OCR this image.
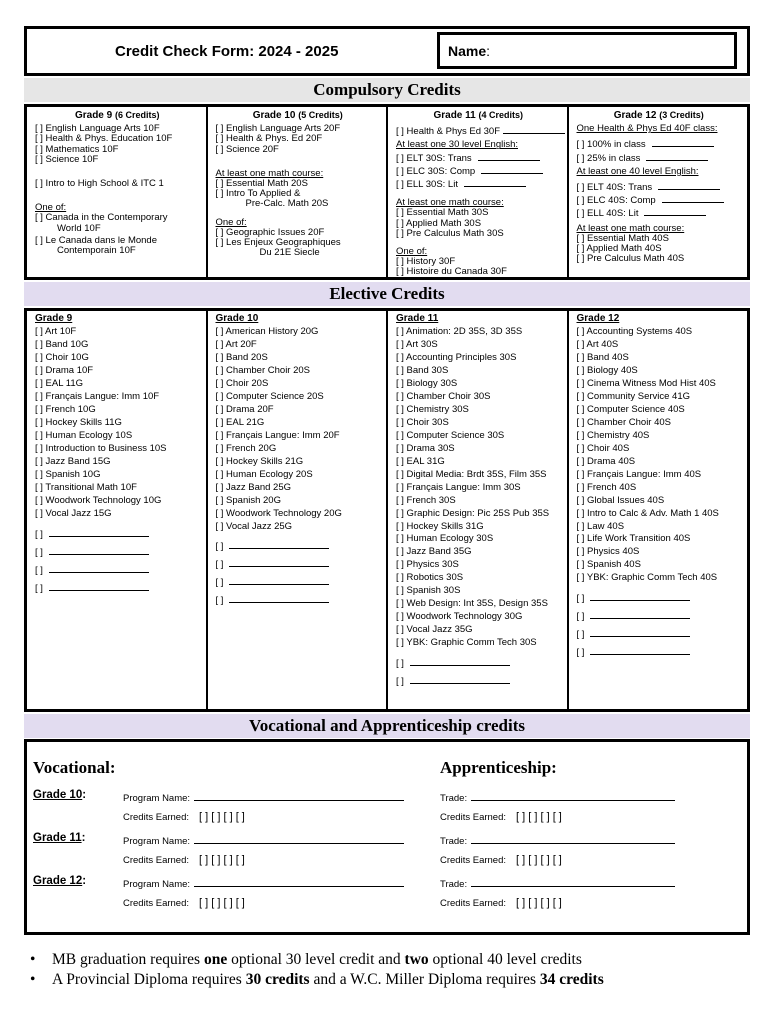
Credit Check Form: 2024 - 2025	Name:
Compulsory Credits
Grade 9 (6 Credits)
[ ] English Language Arts 10F
[ ] Health & Phys. Education 10F
[ ] Mathematics 10F
[ ] Science 10F
[ ] Intro to High School & ITC 1
One of:
[ ] Canada in the Contemporary
World 10F
[ ] Le Canada dans le Monde
Contemporain 10F
Grade 10 (5 Credits)
[ ] English Language Arts 20F
[ ] Health & Phys. Ed 20F
[ ] Science 20F
At least one math course:
[ ] Essential Math 20S
[ ] Intro To Applied &
Pre-Calc. Math 20S
One of:
[ ] Geographic Issues 20F
[ ] Les Enjeux Geographiques
Du 21E Siecle
Grade 11 (4 Credits)
[ ] Health & Phys Ed 30F
At least one 30 level English:
[ ] ELT 30S: Trans
[ ] ELC 30S: Comp
[ ] ELL 30S: Lit
At least one math course:
[ ] Essential Math 30S
[ ] Applied Math 30S
[ ] Pre Calculus Math 30S
One of:
[ ] History 30F
[ ] Histoire du Canada 30F
Grade 12 (3 Credits)
One Health & Phys Ed 40F class:
[ ] 100% in class
[ ] 25% in class
At least one 40 level English:
[ ] ELT 40S: Trans
[ ] ELC 40S: Comp
[ ] ELL 40S: Lit
At least one math course:
[ ] Essential Math 40S
[ ] Applied Math 40S
[ ] Pre Calculus Math 40S
Elective Credits
Grade 9
[ ] Art 10F
[ ] Band 10G
[ ] Choir 10G
[ ] Drama 10F
[ ] EAL 11G
[ ] Français Langue: Imm 10F
[ ] French 10G
[ ] Hockey Skills 11G
[ ] Human Ecology 10S
[ ] Introduction to Business 10S
[ ] Jazz Band 15G
[ ] Spanish 10G
[ ] Transitional Math 10F
[ ] Woodwork Technology 10G
[ ] Vocal Jazz 15G
[ ]
[ ]
[ ]
[ ]
Grade 10
[ ] American History 20G
[ ] Art 20F
[ ] Band 20S
[ ] Chamber Choir 20S
[ ] Choir 20S
[ ] Computer Science 20S
[ ] Drama 20F
[ ] EAL 21G
[ ] Français Langue: Imm 20F
[ ] French 20G
[ ] Hockey Skills 21G
[ ] Human Ecology 20S
[ ] Jazz Band 25G
[ ] Spanish 20G
[ ] Woodwork Technology 20G
[ ] Vocal Jazz 25G
[ ]
[ ]
[ ]
[ ]
Grade 11
[ ] Animation: 2D 35S, 3D 35S
[ ] Art 30S
[ ] Accounting Principles 30S
[ ] Band 30S
[ ] Biology 30S
[ ] Chamber Choir 30S
[ ] Chemistry 30S
[ ] Choir 30S
[ ] Computer Science 30S
[ ] Drama 30S
[ ] EAL 31G
[ ] Digital Media: Brdt 35S, Film 35S
[ ] Français Langue: Imm 30S
[ ] French 30S
[ ] Graphic Design: Pic 25S Pub 35S
[ ] Hockey Skills 31G
[ ] Human Ecology 30S
[ ] Jazz Band 35G
[ ] Physics 30S
[ ] Robotics 30S
[ ] Spanish 30S
[ ] Web Design: Int 35S, Design 35S
[ ] Woodwork Technology 30G
[ ] Vocal Jazz 35G
[ ] YBK: Graphic Comm Tech 30S
[ ]
[ ]
Grade 12
[ ] Accounting Systems 40S
[ ] Art 40S
[ ] Band 40S
[ ] Biology 40S
[ ] Cinema Witness Mod Hist 40S
[ ] Community Service 41G
[ ] Computer Science 40S
[ ] Chamber Choir 40S
[ ] Chemistry 40S
[ ] Choir 40S
[ ] Drama 40S
[ ] Français Langue: Imm 40S
[ ] French 40S
[ ] Global Issues 40S
[ ] Intro to Calc & Adv. Math 1 40S
[ ] Law 40S
[ ] Life Work Transition 40S
[ ] Physics 40S
[ ] Spanish 40S
[ ] YBK: Graphic Comm Tech 40S
[ ]
[ ]
[ ]
[ ]
Vocational and Apprenticeship credits
Vocational:	Apprenticeship:
Grade 10:	Program Name:
Credits Earned: [ ] [ ] [ ] [ ]
Trade:
Credits Earned: [ ] [ ] [ ] [ ]
Grade 11:	Program Name:
Credits Earned: [ ] [ ] [ ] [ ]
Trade:
Credits Earned: [ ] [ ] [ ] [ ]
Grade 12:	Program Name:
Credits Earned: [ ] [ ] [ ] [ ]
Trade:
Credits Earned: [ ] [ ] [ ] [ ]
• MB graduation requires one optional 30 level credit and two optional 40 level credits
• A Provincial Diploma requires 30 credits and a W.C. Miller Diploma requires 34 credits
